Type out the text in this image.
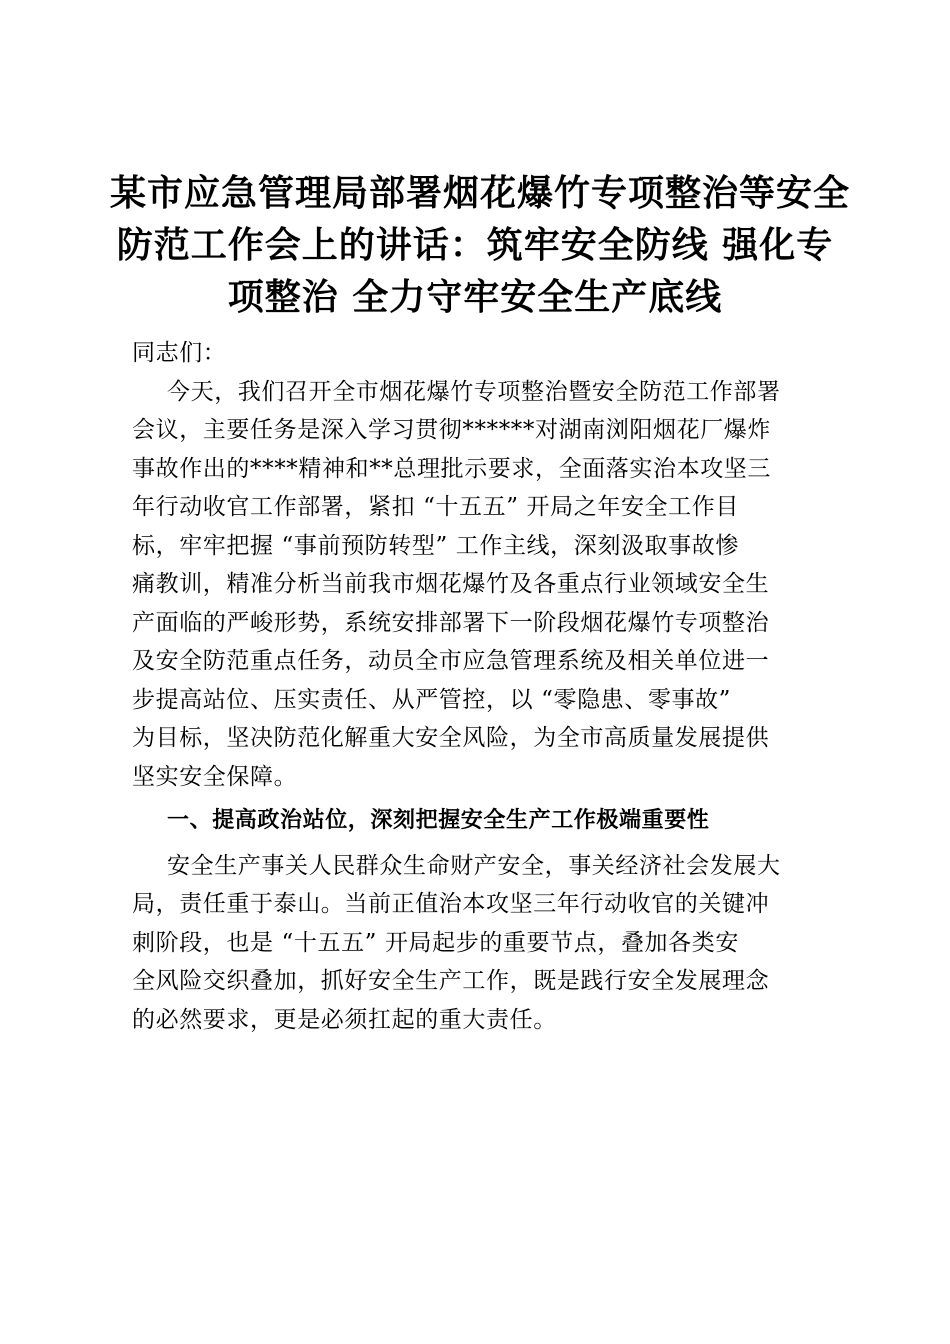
某市应急管理局部署烟花爆竹专项整治等安全
防范工作会上的讲话：筑牢安全防线 强化专
项整治 全力守牢安全生产底线
同志们：
今天，我们召开全市烟花爆竹专项整治暨安全防范工作部署
会议，主要任务是深入学习贯彻******对湖南浏阳烟花厂爆炸
事故作出的****精神和**总理批示要求，全面落实治本攻坚三
年行动收官工作部署，紧扣 “十五五” 开局之年安全工作目
标，牢牢把握 “事前预防转型” 工作主线，深刻汲取事故惨
痛教训，精准分析当前我市烟花爆竹及各重点行业领域安全生
产面临的严峻形势，系统安排部署下一阶段烟花爆竹专项整治
及安全防范重点任务，动员全市应急管理系统及相关单位进一
步提高站位、压实责任、从严管控，以 “零隐患、零事故”
为目标，坚决防范化解重大安全风险，为全市高质量发展提供
坚实安全保障。
一、提高政治站位，深刻把握安全生产工作极端重要性
安全生产事关人民群众生命财产安全，事关经济社会发展大
局，责任重于泰山。当前正值治本攻坚三年行动收官的关键冲
刺阶段，也是 “十五五” 开局起步的重要节点，叠加各类安
全风险交织叠加，抓好安全生产工作，既是践行安全发展理念
的必然要求，更是必须扛起的重大责任。
